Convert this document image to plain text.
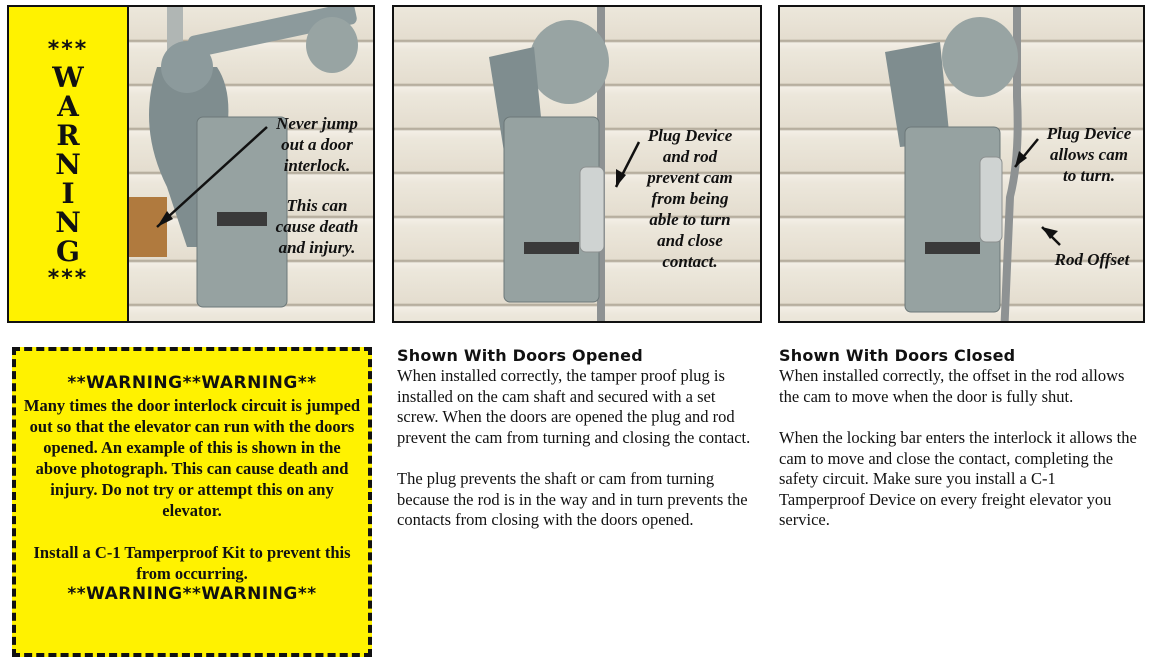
***
W
A
R
N
I
N
G
***
Never jump
out a door
interlock.
This can
cause death
and injury.
Plug Device
and rod
prevent cam
from being
able to turn
and close
contact.
Plug Device
allows cam
to turn.
Rod Offset
**WARNING**WARNING**
Many times the door interlock circuit is jumped out so that the elevator can run with the doors opened. An example of this is shown in the above photograph. This can cause death and injury. Do not try or attempt this on any elevator.
Install a C-1 Tamperproof Kit to prevent this from occurring.
**WARNING**WARNING**
Shown With Doors Opened

When installed correctly, the tamper proof plug is installed on the cam shaft and secured with a set screw. When the doors are opened the plug and rod prevent the cam from turning and closing the contact.

The plug prevents the shaft or cam from turning because the rod is in the way and in turn prevents the contacts from closing with the doors opened.

Shown With Doors Closed

When installed correctly, the offset in the rod allows the cam to move when the door is fully shut.

When the locking bar enters the interlock it allows the cam to move and close the contact, completing the safety circuit. Make sure you install a C-1 Tamperproof Device on every freight elevator you service.
